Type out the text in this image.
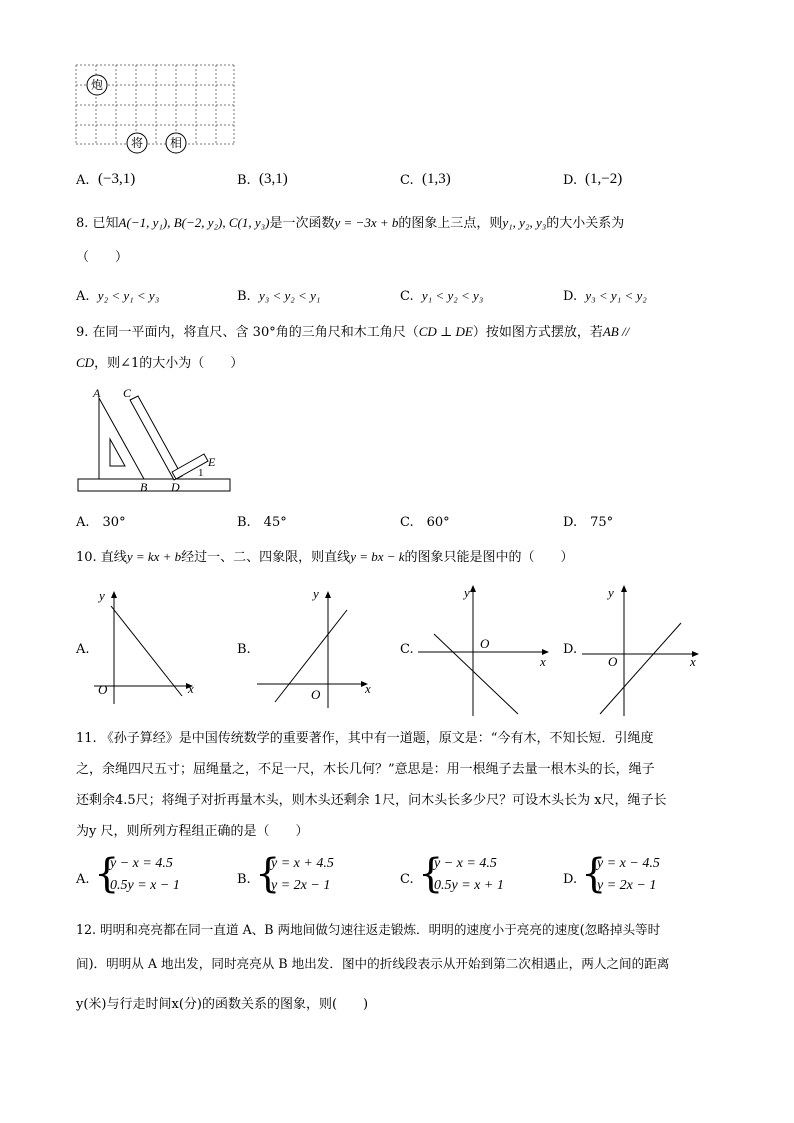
炮
将 相
A. (−3,1)	B. (3,1)	C. (1,3)	D. (1,−2)
8. 已知A(−1, y₁), B(−2, y₂), C(1, y₃)是一次函数y = −3x + b的图象上三点，则y₁, y₂, y₃的大小关系为
（　　）
A. y₂ < y₁ < y₃	B. y₃ < y₂ < y₁	C. y₁ < y₂ < y₃	D. y₃ < y₁ < y₂
9. 在同一平面内，将直尺、含 30°角的三角尺和木工角尺（CD ⊥ DE）按如图方式摆放，若AB //
CD，则∠1的大小为（　　）
A C
E
1
B D
A.　30°	B.　45°	C.　60°	D.　75°
10. 直线y = kx + b经过一、二、四象限，则直线y = bx − k的图象只能是图中的（　　）
A.
y
x
O
B.
y
x
O
C.
y
x
O	D.
y
x
O
11. 《孙子算经》是中国传统数学的重要著作，其中有一道题，原文是：“今有木，不知长短．引绳度
之，余绳四尺五寸；屈绳量之，不足一尺，木长几何？”意思是：用一根绳子去量一根木头的长，绳子
还剩余4.5尺；将绳子对折再量木头，则木头还剩余 1尺，问木头长多少尺？可设木头长为 x尺，绳子长
为y 尺，则所列方程组正确的是（　　）
A. {
y − x = 4.5
0.5y = x − 1	B. {
y = x + 4.5
y = 2x − 1	C. {
y − x = 4.5
0.5y = x + 1	D. {
y = x − 4.5
y = 2x − 1
12. 明明和亮亮都在同一直道 A、B 两地间做匀速往返走锻炼．明明的速度小于亮亮的速度(忽略掉头等时
间)．明明从 A 地出发，同时亮亮从 B 地出发．图中的折线段表示从开始到第二次相遇止，两人之间的距离
y(米)与行走时间x(分)的函数关系的图象，则(　　)
